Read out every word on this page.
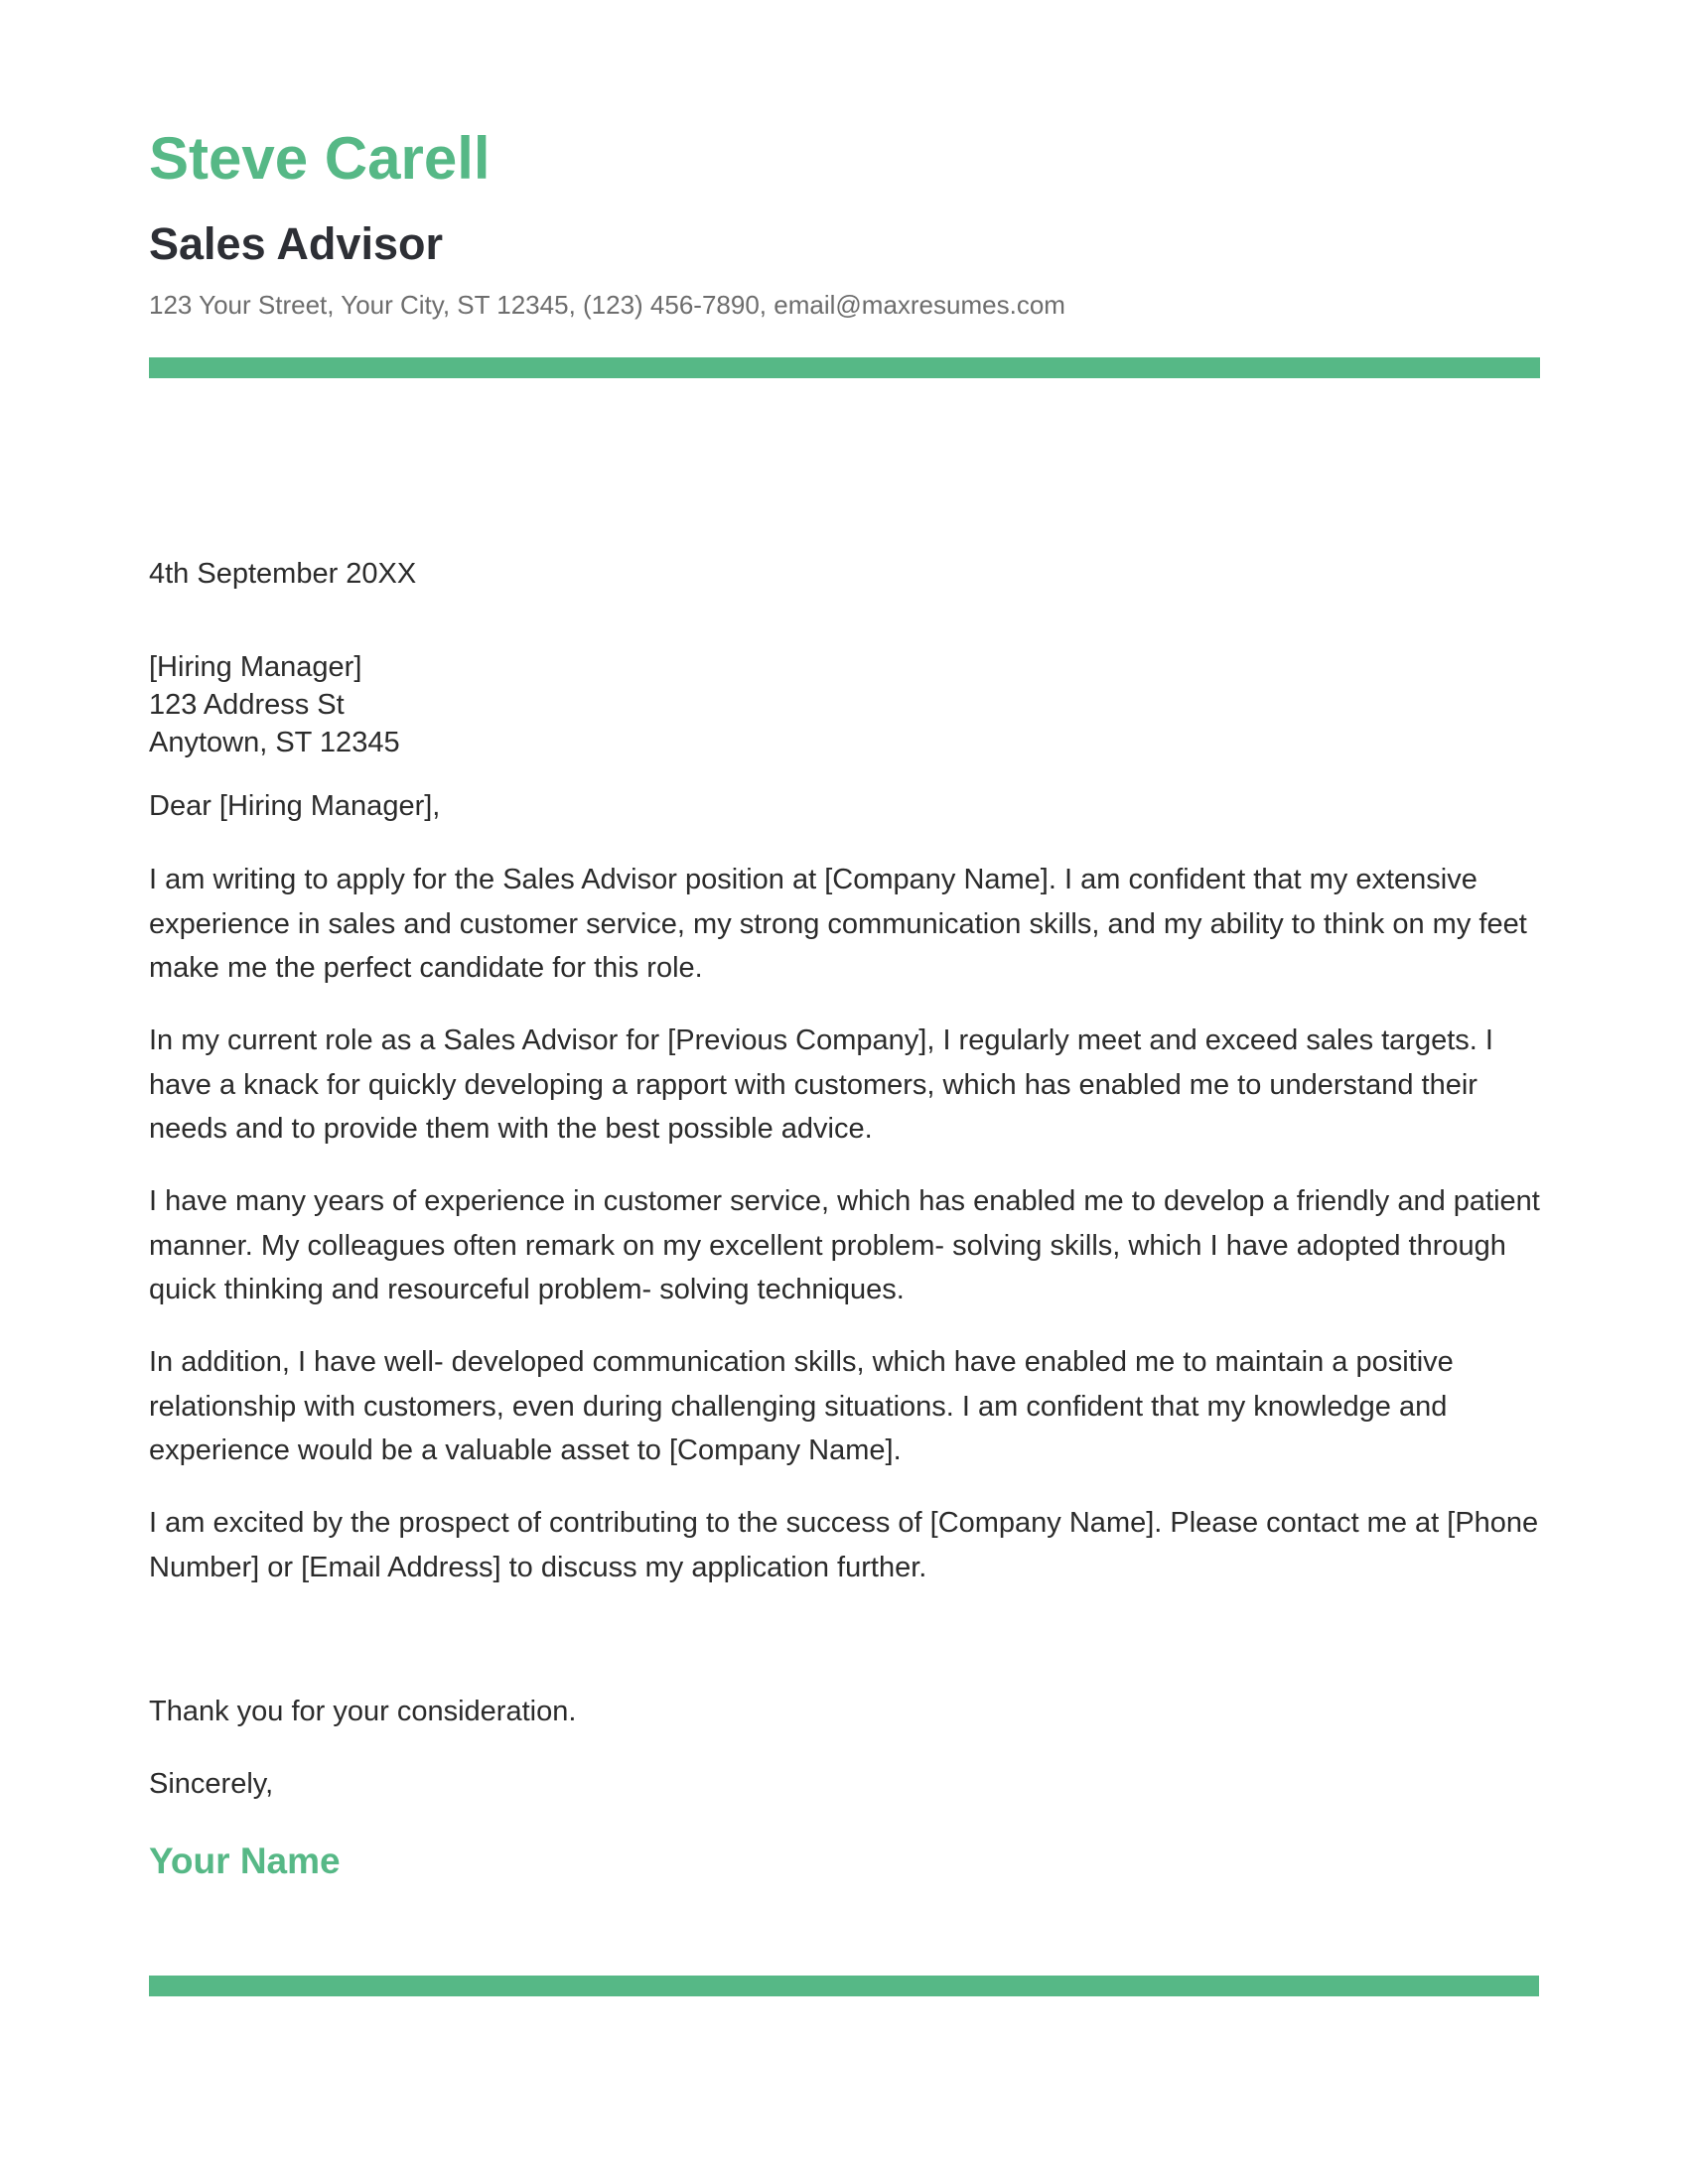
Steve Carell
Sales Advisor
123 Your Street, Your City, ST 12345, (123) 456-7890, email@maxresumes.com
4th September 20XX
[Hiring Manager]
123 Address St
Anytown, ST 12345
Dear [Hiring Manager],

I am writing to apply for the Sales Advisor position at [Company Name]. I am confident that my extensive experience in sales and customer service, my strong communication skills, and my ability to think on my feet make me the perfect candidate for this role.

In my current role as a Sales Advisor for [Previous Company], I regularly meet and exceed sales targets. I have a knack for quickly developing a rapport with customers, which has enabled me to understand their needs and to provide them with the best possible advice.

I have many years of experience in customer service, which has enabled me to develop a friendly and patient manner. My colleagues often remark on my excellent problem- solving skills, which I have adopted through quick thinking and resourceful problem- solving techniques.

In addition, I have well- developed communication skills, which have enabled me to maintain a positive relationship with customers, even during challenging situations. I am confident that my knowledge and experience would be a valuable asset to [Company Name].

I am excited by the prospect of contributing to the success of [Company Name]. Please contact me at [Phone Number] or [Email Address] to discuss my application further.

Thank you for your consideration.
Sincerely,
Your Name
